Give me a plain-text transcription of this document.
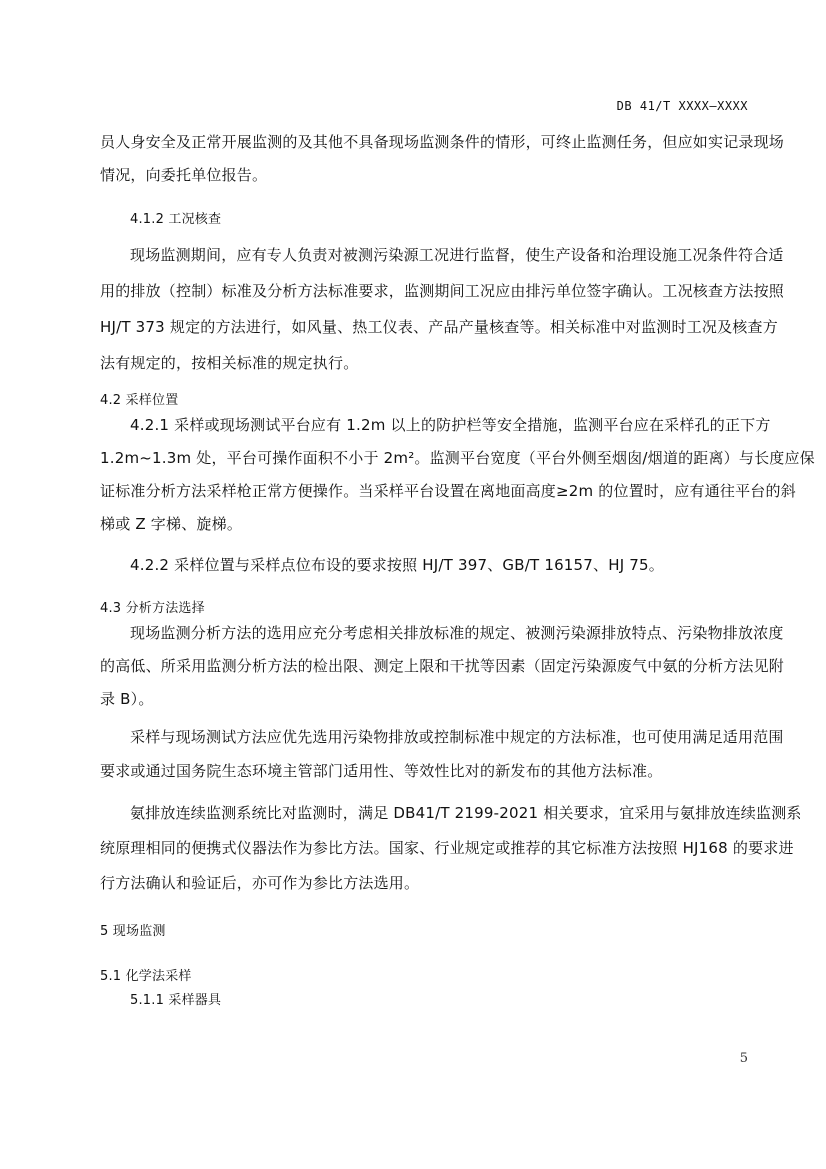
DB 41/T XXXX—XXXX
员人身安全及正常开展监测的及其他不具备现场监测条件的情形，可终止监测任务，但应如实记录现场
情况，向委托单位报告。
4.1.2 工况核查
现场监测期间，应有专人负责对被测污染源工况进行监督，使生产设备和治理设施工况条件符合适
用的排放（控制）标准及分析方法标准要求，监测期间工况应由排污单位签字确认。工况核查方法按照
HJ/T 373 规定的方法进行，如风量、热工仪表、产品产量核查等。相关标准中对监测时工况及核查方
法有规定的，按相关标准的规定执行。
4.2 采样位置
4.2.1 采样或现场测试平台应有 1.2m 以上的防护栏等安全措施，监测平台应在采样孔的正下方
1.2m~1.3m 处，平台可操作面积不小于 2m²。监测平台宽度（平台外侧至烟囱/烟道的距离）与长度应保
证标准分析方法采样枪正常方便操作。当采样平台设置在离地面高度≥2m 的位置时，应有通往平台的斜
梯或 Z 字梯、旋梯。
4.2.2 采样位置与采样点位布设的要求按照 HJ/T 397、GB/T 16157、HJ 75。
4.3 分析方法选择
现场监测分析方法的选用应充分考虑相关排放标准的规定、被测污染源排放特点、污染物排放浓度
的高低、所采用监测分析方法的检出限、测定上限和干扰等因素（固定污染源废气中氨的分析方法见附
录 B）。
采样与现场测试方法应优先选用污染物排放或控制标准中规定的方法标准，也可使用满足适用范围
要求或通过国务院生态环境主管部门适用性、等效性比对的新发布的其他方法标准。
氨排放连续监测系统比对监测时，满足 DB41/T 2199-2021 相关要求，宜采用与氨排放连续监测系
统原理相同的便携式仪器法作为参比方法。国家、行业规定或推荐的其它标准方法按照 HJ168 的要求进
行方法确认和验证后，亦可作为参比方法选用。
5 现场监测
5.1 化学法采样
5.1.1 采样器具
5
